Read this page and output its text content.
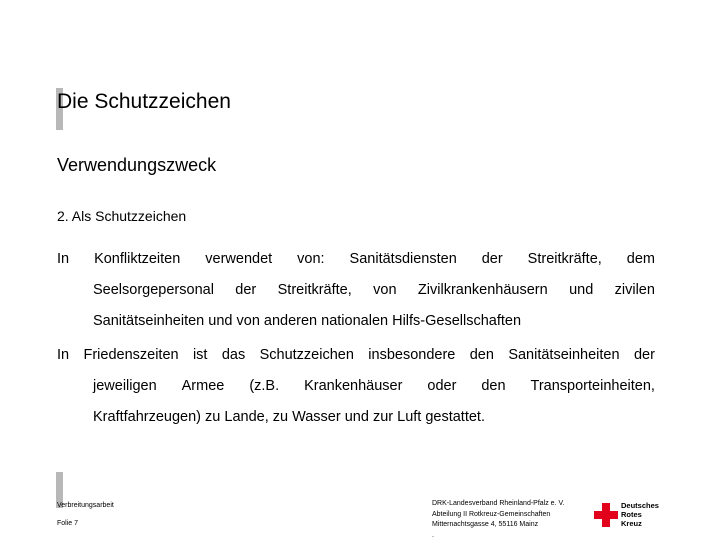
Die Schutzzeichen
Verwendungszweck
2. Als Schutzzeichen
In Konfliktzeiten verwendet von: Sanitätsdiensten der Streitkräfte, dem
Seelsorgepersonal der Streitkräfte, von Zivilkrankenhäusern und zivilen
Sanitätseinheiten und von anderen nationalen Hilfs-Gesellschaften
In Friedenszeiten ist das Schutzzeichen insbesondere den Sanitätseinheiten der
jeweiligen Armee (z.B. Krankenhäuser oder den Transporteinheiten,
Kraftfahrzeugen) zu Lande, zu Wasser und zur Luft gestattet.
Verbreitungsarbeit
Folie 7
DRK-Landesverband Rheinland-Pfalz e. V.
Abteilung II Rotkreuz-Gemeinschaften
Mitternachtsgasse 4, 55116 Mainz
.
Deutsches
Rotes
Kreuz
